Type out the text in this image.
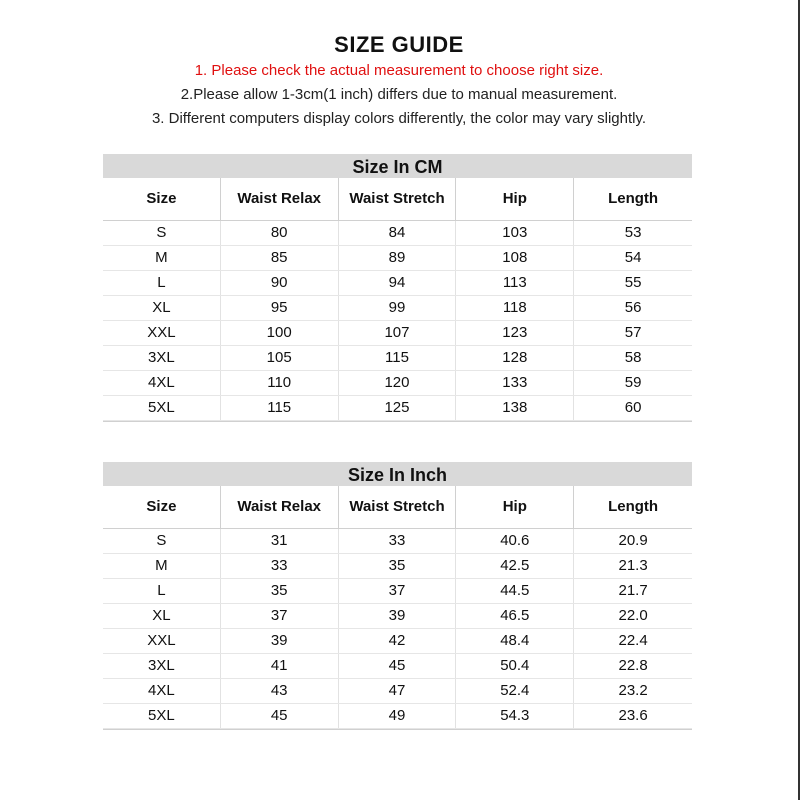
SIZE GUIDE
1. Please check the actual measurement to choose right size.
2.Please allow 1-3cm(1 inch) differs due to manual measurement.
3. Different computers display colors differently, the color may vary slightly.
Size In CM
Size	Waist Relax	Waist Stretch	Hip	Length
S	80	84	103	53
M	85	89	108	54
L	90	94	113	55
XL	95	99	118	56
XXL	100	107	123	57
3XL	105	115	128	58
4XL	110	120	133	59
5XL	115	125	138	60
Size In Inch
Size	Waist Relax	Waist Stretch	Hip	Length
S	31	33	40.6	20.9
M	33	35	42.5	21.3
L	35	37	44.5	21.7
XL	37	39	46.5	22.0
XXL	39	42	48.4	22.4
3XL	41	45	50.4	22.8
4XL	43	47	52.4	23.2
5XL	45	49	54.3	23.6
